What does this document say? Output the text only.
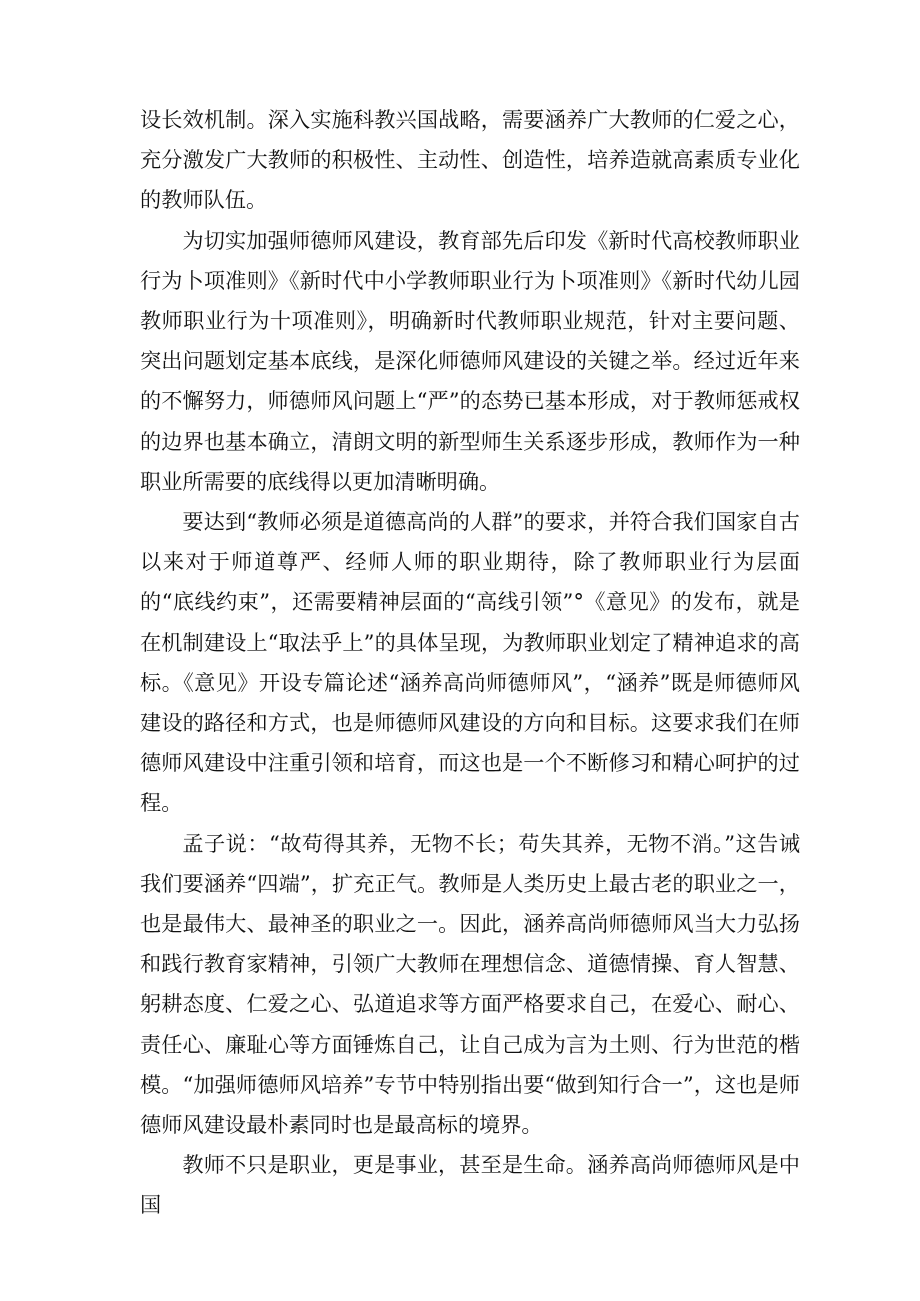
设长效机制。深入实施科教兴国战略，需要涵养广大教师的仁爱之心，充分激发广大教师的积极性、主动性、创造性，培养造就高素质专业化的教师队伍。

为切实加强师德师风建设，教育部先后印发《新时代高校教师职业行为卜项准则》《新时代中小学教师职业行为卜项准则》《新时代幼儿园教师职业行为十项准则》，明确新时代教师职业规范，针对主要问题、突出问题划定基本底线，是深化师德师风建设的关键之举。经过近年来的不懈努力，师德师风问题上“严”的态势已基本形成，对于教师惩戒权的边界也基本确立，清朗文明的新型师生关系逐步形成，教师作为一种职业所需要的底线得以更加清晰明确。

要达到“教师必须是道德高尚的人群”的要求，并符合我们国家自古以来对于师道尊严、经师人师的职业期待，除了教师职业行为层面的“底线约束”，还需要精神层面的“高线引领”°《意见》的发布，就是在机制建设上“取法乎上”的具体呈现，为教师职业划定了精神追求的高标。《意见》开设专篇论述“涵养高尚师德师风”，“涵养”既是师德师风建设的路径和方式，也是师德师风建设的方向和目标。这要求我们在师德师风建设中注重引领和培育，而这也是一个不断修习和精心呵护的过程。

孟子说：“故苟得其养，无物不长；苟失其养，无物不消。”这告诫我们要涵养“四端”，扩充正气。教师是人类历史上最古老的职业之一，也是最伟大、最神圣的职业之一。因此，涵养高尚师德师风当大力弘扬和践行教育家精神，引领广大教师在理想信念、道德情操、育人智慧、躬耕态度、仁爱之心、弘道追求等方面严格要求自己，在爱心、耐心、责任心、廉耻心等方面锤炼自己，让自己成为言为土则、行为世范的楷模。“加强师德师风培养”专节中特别指出要“做到知行合一”，这也是师德师风建设最朴素同时也是最高标的境界。

教师不只是职业，更是事业，甚至是生命。涵养高尚师德师风是中国
